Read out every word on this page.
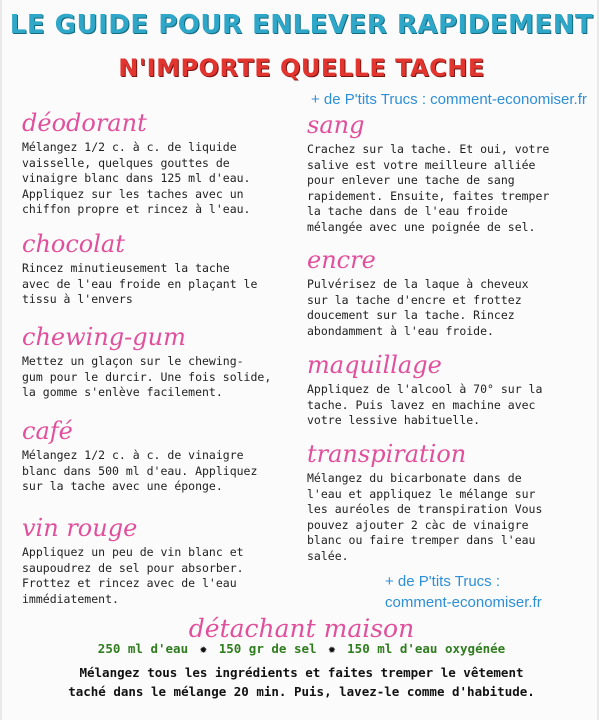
LE GUIDE POUR ENLEVER RAPIDEMENT
N'IMPORTE QUELLE TACHE
+ de P'tits Trucs : comment-economiser.fr
déodorant
Mélangez 1/2 c. à c. de liquide
vaisselle, quelques gouttes de
vinaigre blanc dans 125 ml d'eau.
Appliquez sur les taches avec un
chiffon propre et rincez à l'eau.
chocolat
Rincez minutieusement la tache
avec de l'eau froide en plaçant le
tissu à l'envers
chewing-gum
Mettez un glaçon sur le chewing-
gum pour le durcir. Une fois solide,
la gomme s'enlève facilement.
café
Mélangez 1/2 c. à c. de vinaigre
blanc dans 500 ml d'eau. Appliquez
sur la tache avec une éponge.
vin rouge
Appliquez un peu de vin blanc et
saupoudrez de sel pour absorber.
Frottez et rincez avec de l'eau
immédiatement.
sang
Crachez sur la tache. Et oui, votre
salive est votre meilleure alliée
pour enlever une tache de sang
rapidement. Ensuite, faites tremper
la tache dans de l'eau froide
mélangée avec une poignée de sel.
encre
Pulvérisez de la laque à cheveux
sur la tache d'encre et frottez
doucement sur la tache. Rincez
abondamment à l'eau froide.
maquillage
Appliquez de l'alcool à 70° sur la
tache. Puis lavez en machine avec
votre lessive habituelle.
transpiration
Mélangez du bicarbonate dans de
l'eau et appliquez le mélange sur
les auréoles de transpiration Vous
pouvez ajouter 2 càc de vinaigre
blanc ou faire tremper dans l'eau
salée.
+ de P'tits Trucs :
comment-economiser.fr
détachant maison
250 ml d'eau ✹ 150 gr de sel ✹ 150 ml d'eau oxygénée
Mélangez tous les ingrédients et faites tremper le vêtement
taché dans le mélange 20 min. Puis, lavez-le comme d'habitude.
